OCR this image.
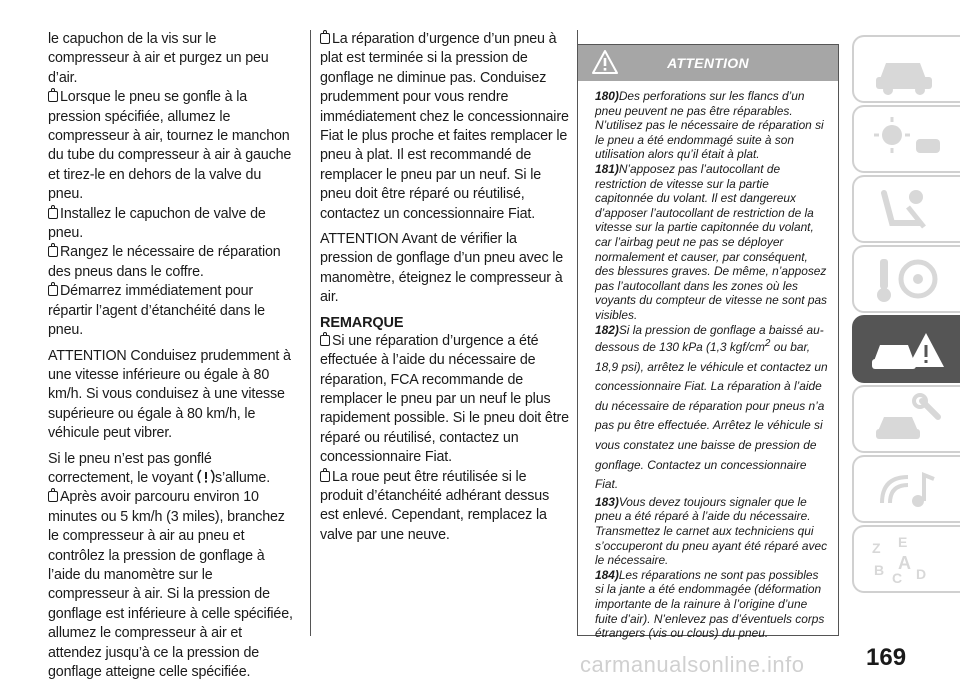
le capuchon de la vis sur le compresseur à air et purgez un peu d’air.

Lorsque le pneu se gonfle à la pression spécifiée, allumez le compresseur à air, tournez le manchon du tube du compresseur à air à gauche et tirez-le en dehors de la valve du pneu.

Installez le capuchon de valve de pneu.

Rangez le nécessaire de réparation des pneus dans le coffre.

Démarrez immédiatement pour répartir l’agent d’étanchéité dans le pneu.

ATTENTION Conduisez prudemment à une vitesse inférieure ou égale à 80 km/h. Si vous conduisez à une vitesse supérieure ou égale à 80 km/h, le véhicule peut vibrer.

Si le pneu n’est pas gonflé correctement, le voyant s’allume.

Après avoir parcouru environ 10 minutes ou 5 km/h (3 miles), branchez le compresseur à air au pneu et contrôlez la pression de gonflage à l’aide du manomètre sur le compresseur à air. Si la pression de gonflage est inférieure à celle spécifiée, allumez le compresseur à air et attendez jusqu’à ce la pression de gonflage atteigne celle spécifiée.

La réparation d’urgence d’un pneu à plat est terminée si la pression de gonflage ne diminue pas. Conduisez prudemment pour vous rendre immédiatement chez le concessionnaire Fiat le plus proche et faites remplacer le pneu à plat. Il est recommandé de remplacer le pneu par un neuf. Si le pneu doit être réparé ou réutilisé, contactez un concessionnaire Fiat.

ATTENTION Avant de vérifier la pression de gonflage d’un pneu avec le manomètre, éteignez le compresseur à air.

REMARQUE

Si une réparation d’urgence a été effectuée à l’aide du nécessaire de réparation, FCA recommande de remplacer le pneu par un neuf le plus rapidement possible. Si le pneu doit être réparé ou réutilisé, contactez un concessionnaire Fiat.

La roue peut être réutilisée si le produit d’étanchéité adhérant dessus est enlevé. Cependant, remplacez la valve par une neuve.

ATTENTION

180)Des perforations sur les flancs d’un pneu peuvent ne pas être réparables. N’utilisez pas le nécessaire de réparation si le pneu a été endommagé suite à son utilisation alors qu’il était à plat.

181)N’apposez pas l’autocollant de restriction de vitesse sur la partie capitonnée du volant. Il est dangereux d’apposer l’autocollant de restriction de la vitesse sur la partie capitonnée du volant, car l’airbag peut ne pas se déployer normalement et causer, par conséquent, des blessures graves. De même, n’apposez pas l’autocollant dans les zones où les voyants du compteur de vitesse ne sont pas visibles.

182)Si la pression de gonflage a baissé au-dessous de 130 kPa (1,3 kgf/$cm^2$ ou bar, 18,9 psi), arrêtez le véhicule et contactez un concessionnaire Fiat. La réparation à l’aide du nécessaire de réparation pour pneus n’a pas pu être effectuée. Arrêtez le véhicule si vous constatez une baisse de pression de gonflage. Contactez un concessionnaire Fiat.

183)Vous devez toujours signaler que le pneu a été réparé à l’aide du nécessaire. Transmettez le carnet aux techniciens qui s’occuperont du pneu ayant été réparé avec le nécessaire.

184)Les réparations ne sont pas possibles si la jante a été endommagée (déformation importante de la rainure à l’origine d’une fuite d’air). N’enlevez pas d’éventuels corps étrangers (vis ou clous) du pneu.

Z E
B C D
A
169
carmanualsonline.info
